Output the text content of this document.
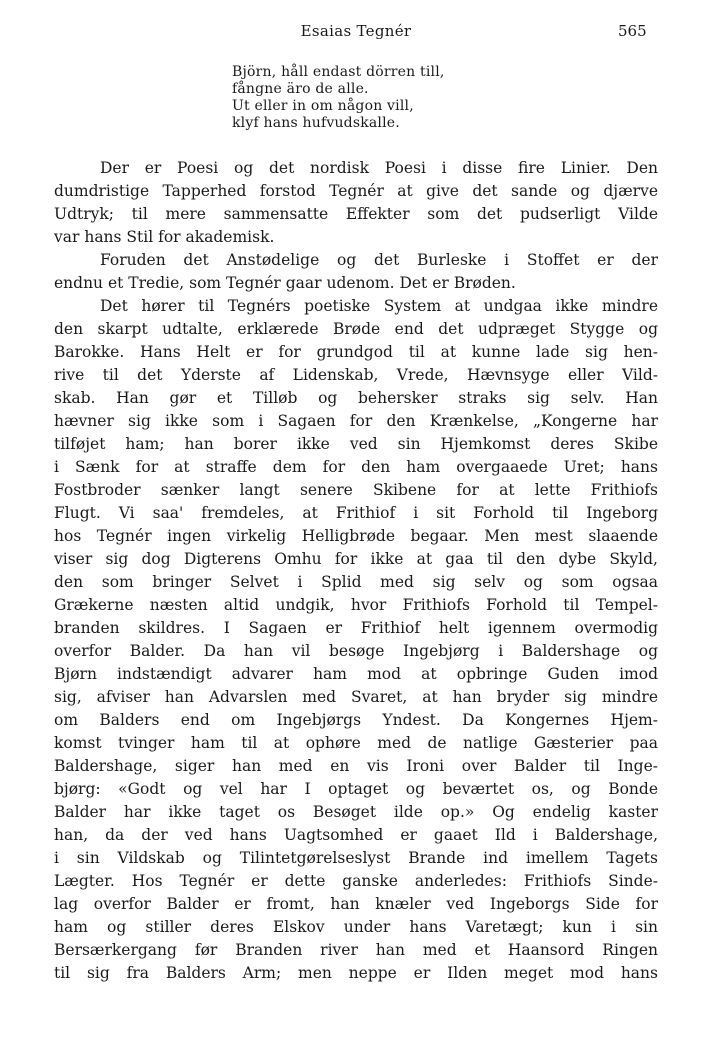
Esaias Tegnér	565
Björn, håll endast dörren till,
fångne äro de alle.
Ut eller in om någon vill,
klyf hans hufvudskalle.
Der er Poesi og det nordisk Poesi i disse fire Linier. Den
dumdristige Tapperhed forstod Tegnér at give det sande og djærve
Udtryk; til mere sammensatte Effekter som det pudserligt Vilde
var hans Stil for akademisk.
Foruden det Anstødelige og det Burleske i Stoffet er der
endnu et Tredie, som Tegnér gaar udenom. Det er Brøden.
Det hører til Tegnérs poetiske System at undgaa ikke mindre
den skarpt udtalte, erklærede Brøde end det udpræget Stygge og
Barokke. Hans Helt er for grundgod til at kunne lade sig hen-
rive til det Yderste af Lidenskab, Vrede, Hævnsyge eller Vild-
skab. Han gør et Tilløb og behersker straks sig selv. Han
hævner sig ikke som i Sagaen for den Krænkelse, „Kongerne har
tilføjet ham; han borer ikke ved sin Hjemkomst deres Skibe
i Sænk for at straffe dem for den ham overgaaede Uret; hans
Fostbroder sænker langt senere Skibene for at lette Frithiofs
Flugt. Vi saa' fremdeles, at Frithiof i sit Forhold til Ingeborg
hos Tegnér ingen virkelig Helligbrøde begaar. Men mest slaaende
viser sig dog Digterens Omhu for ikke at gaa til den dybe Skyld,
den som bringer Selvet i Splid med sig selv og som ogsaa
Grækerne næsten altid undgik, hvor Frithiofs Forhold til Tempel-
branden skildres. I Sagaen er Frithiof helt igennem overmodig
overfor Balder. Da han vil besøge Ingebjørg i Baldershage og
Bjørn indstændigt advarer ham mod at opbringe Guden imod
sig, afviser han Advarslen med Svaret, at han bryder sig mindre
om Balders end om Ingebjørgs Yndest. Da Kongernes Hjem-
komst tvinger ham til at ophøre med de natlige Gæsterier paa
Baldershage, siger han med en vis Ironi over Balder til Inge-
bjørg: «Godt og vel har I optaget og beværtet os, og Bonde
Balder har ikke taget os Besøget ilde op.» Og endelig kaster
han, da der ved hans Uagtsomhed er gaaet Ild i Baldershage,
i sin Vildskab og Tilintetgørelseslyst Brande ind imellem Tagets
Lægter. Hos Tegnér er dette ganske anderledes: Frithiofs Sinde-
lag overfor Balder er fromt, han knæler ved Ingeborgs Side for
ham og stiller deres Elskov under hans Varetægt; kun i sin
Bersærkergang før Branden river han med et Haansord Ringen
til sig fra Balders Arm; men neppe er Ilden meget mod hans
